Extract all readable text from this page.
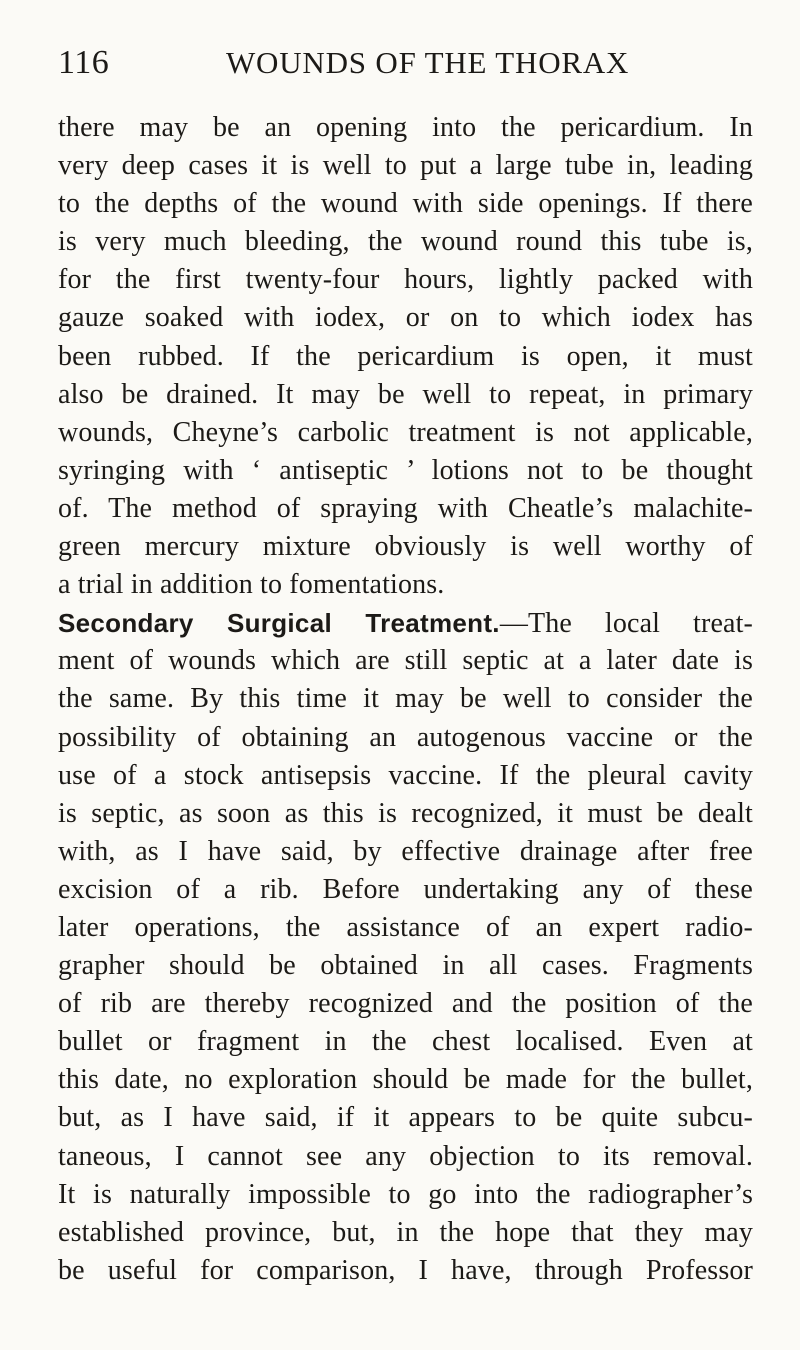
116	WOUNDS OF THE THORAX
there may be an opening into the pericardium. In
very deep cases it is well to put a large tube in, leading
to the depths of the wound with side openings. If there
is very much bleeding, the wound round this tube is,
for the first twenty-four hours, lightly packed with
gauze soaked with iodex, or on to which iodex has
been rubbed. If the pericardium is open, it must
also be drained. It may be well to repeat, in primary
wounds, Cheyne’s carbolic treatment is not applicable,
syringing with ‘ antiseptic ’ lotions not to be thought
of. The method of spraying with Cheatle’s malachite-
green mercury mixture obviously is well worthy of
a trial in addition to fomentations.
Secondary Surgical Treatment.—The local treat-
ment of wounds which are still septic at a later date is
the same. By this time it may be well to consider the
possibility of obtaining an autogenous vaccine or the
use of a stock antisepsis vaccine. If the pleural cavity
is septic, as soon as this is recognized, it must be dealt
with, as I have said, by effective drainage after free
excision of a rib. Before undertaking any of these
later operations, the assistance of an expert radio-
grapher should be obtained in all cases. Fragments
of rib are thereby recognized and the position of the
bullet or fragment in the chest localised. Even at
this date, no exploration should be made for the bullet,
but, as I have said, if it appears to be quite subcu-
taneous, I cannot see any objection to its removal.
It is naturally impossible to go into the radiographer’s
established province, but, in the hope that they may
be useful for comparison, I have, through Professor
